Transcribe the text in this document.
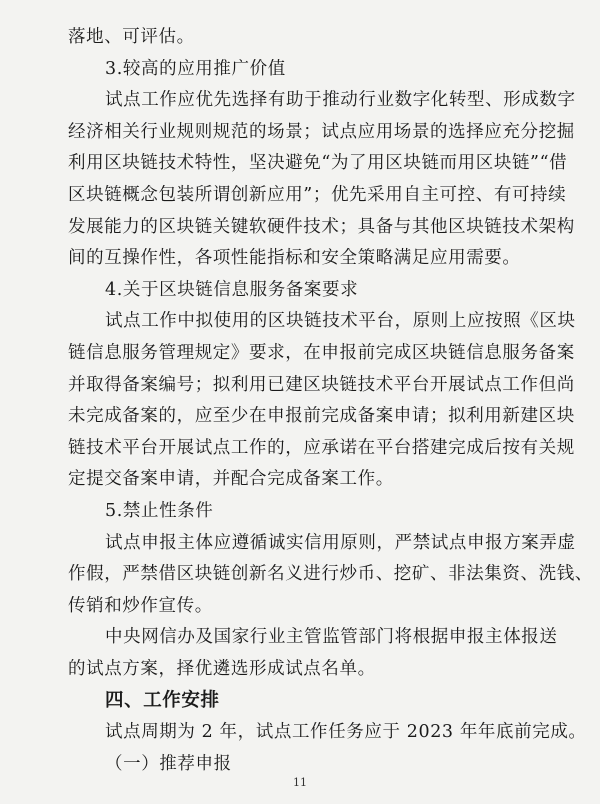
落地、可评估。
3.较高的应用推广价值
试点工作应优先选择有助于推动行业数字化转型、形成数字
经济相关行业规则规范的场景；试点应用场景的选择应充分挖掘
利用区块链技术特性，坚决避免“为了用区块链而用区块链”“借
区块链概念包装所谓创新应用”；优先采用自主可控、有可持续
发展能力的区块链关键软硬件技术；具备与其他区块链技术架构
间的互操作性，各项性能指标和安全策略满足应用需要。
4.关于区块链信息服务备案要求
试点工作中拟使用的区块链技术平台，原则上应按照《区块
链信息服务管理规定》要求，在申报前完成区块链信息服务备案
并取得备案编号；拟利用已建区块链技术平台开展试点工作但尚
未完成备案的，应至少在申报前完成备案申请；拟利用新建区块
链技术平台开展试点工作的，应承诺在平台搭建完成后按有关规
定提交备案申请，并配合完成备案工作。
5.禁止性条件
试点申报主体应遵循诚实信用原则，严禁试点申报方案弄虚
作假，严禁借区块链创新名义进行炒币、挖矿、非法集资、洗钱、
传销和炒作宣传。
中央网信办及国家行业主管监管部门将根据申报主体报送
的试点方案，择优遴选形成试点名单。
四、工作安排
试点周期为 2 年，试点工作任务应于 2023 年年底前完成。
（一）推荐申报
11
